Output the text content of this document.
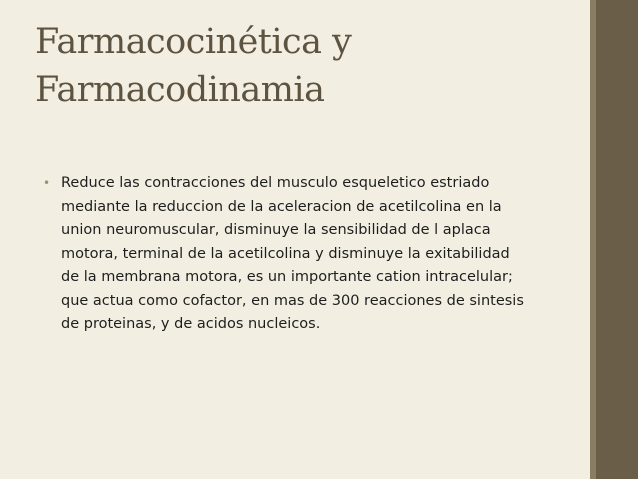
Farmacocinética y
Farmacodinamia
• Reduce las contracciones del musculo esqueletico estriado
mediante la reduccion de la aceleracion de acetilcolina en la
union neuromuscular, disminuye la sensibilidad de l aplaca
motora, terminal de la acetilcolina y disminuye la exitabilidad
de la membrana motora, es un importante cation intracelular;
que actua como cofactor, en mas de 300 reacciones de sintesis
de proteinas, y de acidos nucleicos.
